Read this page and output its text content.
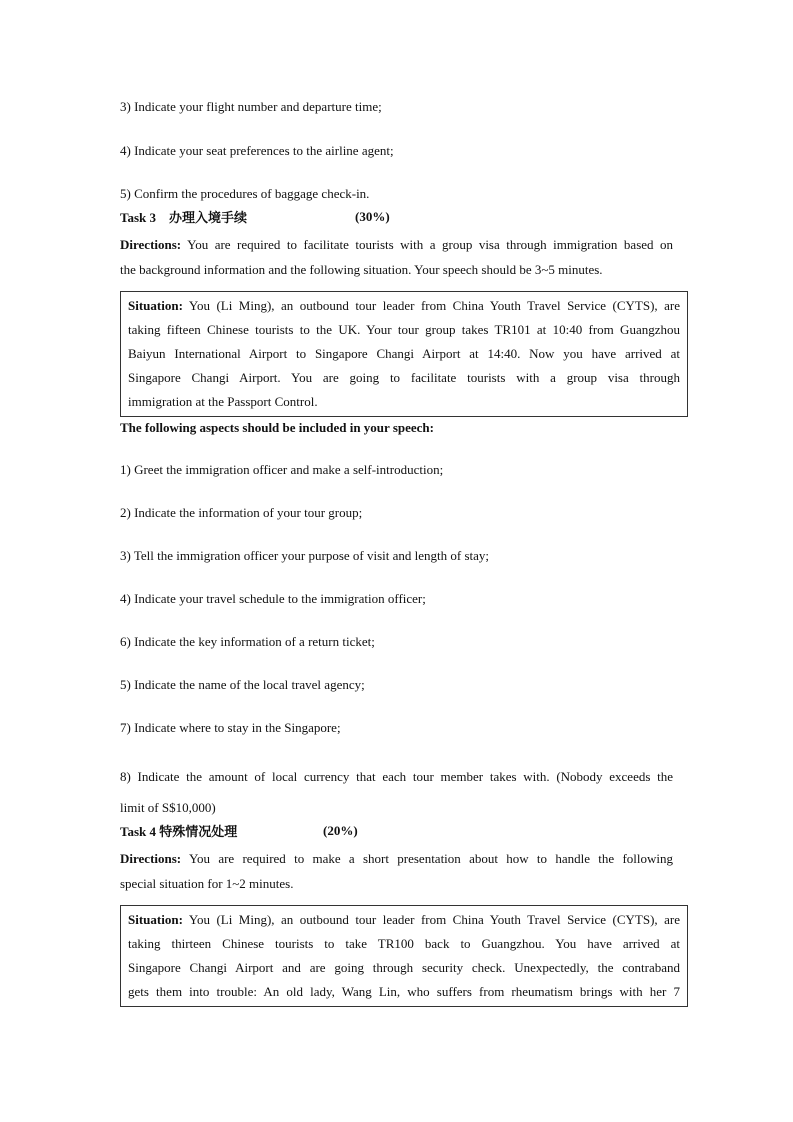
3) Indicate your flight number and departure time;
4) Indicate your seat preferences to the airline agent;
5) Confirm the procedures of baggage check-in.
Task 3　办理入境手续	(30%)
Directions: You are required to facilitate tourists with a group visa through immigration based on
the background information and the following situation. Your speech should be 3~5 minutes.
Situation: You (Li Ming), an outbound tour leader from China Youth Travel Service (CYTS), are
taking fifteen Chinese tourists to the UK. Your tour group takes TR101 at 10:40 from Guangzhou
Baiyun International Airport to Singapore Changi Airport at 14:40. Now you have arrived at
Singapore Changi Airport. You are going to facilitate tourists with a group visa through
immigration at the Passport Control.
The following aspects should be included in your speech:
1) Greet the immigration officer and make a self-introduction;
2) Indicate the information of your tour group;
3) Tell the immigration officer your purpose of visit and length of stay;
4) Indicate your travel schedule to the immigration officer;
6) Indicate the key information of a return ticket;
5) Indicate the name of the local travel agency;
7) Indicate where to stay in the Singapore;
8) Indicate the amount of local currency that each tour member takes with. (Nobody exceeds the
limit of S$10,000)
Task 4 特殊情况处理	(20%)
Directions: You are required to make a short presentation about how to handle the following
special situation for 1~2 minutes.
Situation: You (Li Ming), an outbound tour leader from China Youth Travel Service (CYTS), are
taking thirteen Chinese tourists to take TR100 back to Guangzhou. You have arrived at
Singapore Changi Airport and are going through security check. Unexpectedly, the contraband
gets them into trouble: An old lady, Wang Lin, who suffers from rheumatism brings with her 7
